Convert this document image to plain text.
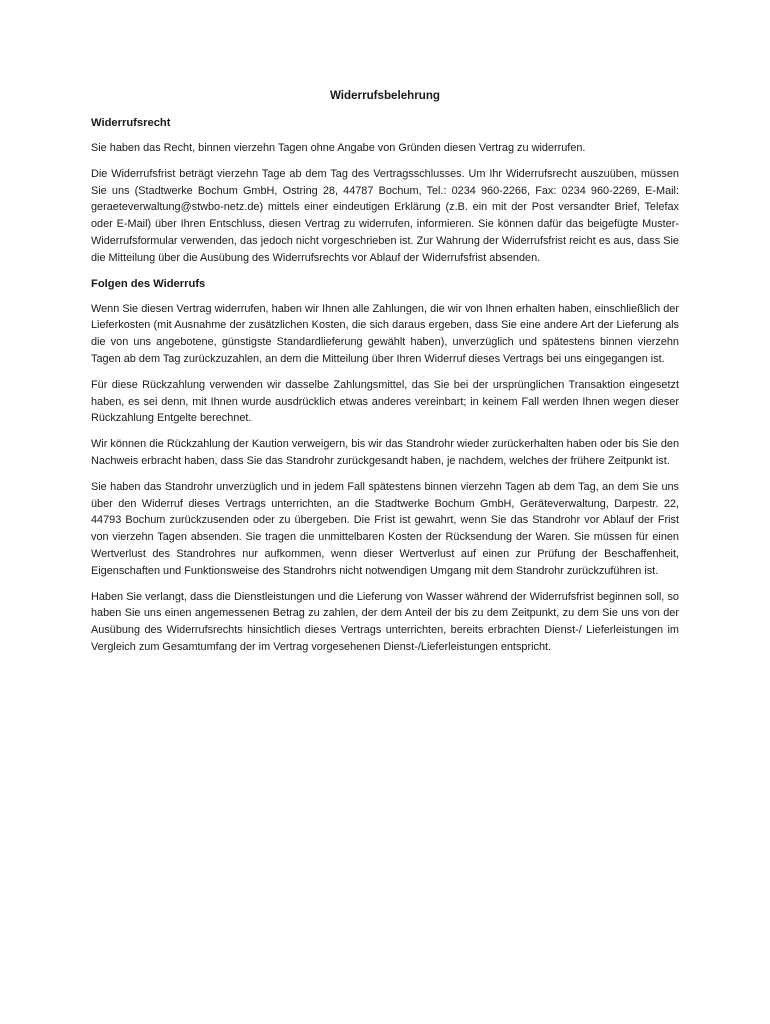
Widerrufsbelehrung
Widerrufsrecht

Sie haben das Recht, binnen vierzehn Tagen ohne Angabe von Gründen diesen Vertrag zu widerrufen.

Die Widerrufsfrist beträgt vierzehn Tage ab dem Tag des Vertragsschlusses. Um Ihr Widerrufsrecht auszuüben, müssen Sie uns (Stadtwerke Bochum GmbH, Ostring 28, 44787 Bochum, Tel.: 0234 960-2266, Fax: 0234 960-2269, E-Mail: geraeteverwaltung@stwbo-netz.de) mittels einer eindeutigen Erklärung (z.B. ein mit der Post versandter Brief, Telefax oder E-Mail) über Ihren Entschluss, diesen Vertrag zu widerrufen, informieren. Sie können dafür das beigefügte Muster-Widerrufsformular verwenden, das jedoch nicht vorgeschrieben ist. Zur Wahrung der Widerrufsfrist reicht es aus, dass Sie die Mitteilung über die Ausübung des Widerrufsrechts vor Ablauf der Widerrufsfrist absenden.

Folgen des Widerrufs

Wenn Sie diesen Vertrag widerrufen, haben wir Ihnen alle Zahlungen, die wir von Ihnen erhalten haben, einschließlich der Lieferkosten (mit Ausnahme der zusätzlichen Kosten, die sich daraus ergeben, dass Sie eine andere Art der Lieferung als die von uns angebotene, günstigste Standardlieferung gewählt haben), unverzüglich und spätestens binnen vierzehn Tagen ab dem Tag zurückzuzahlen, an dem die Mitteilung über Ihren Widerruf dieses Vertrags bei uns eingegangen ist.

Für diese Rückzahlung verwenden wir dasselbe Zahlungsmittel, das Sie bei der ursprünglichen Transaktion eingesetzt haben, es sei denn, mit Ihnen wurde ausdrücklich etwas anderes vereinbart; in keinem Fall werden Ihnen wegen dieser Rückzahlung Entgelte berechnet.

Wir können die Rückzahlung der Kaution verweigern, bis wir das Standrohr wieder zurückerhalten haben oder bis Sie den Nachweis erbracht haben, dass Sie das Standrohr zurückgesandt haben, je nachdem, welches der frühere Zeitpunkt ist.

Sie haben das Standrohr unverzüglich und in jedem Fall spätestens binnen vierzehn Tagen ab dem Tag, an dem Sie uns über den Widerruf dieses Vertrags unterrichten, an die Stadtwerke Bochum GmbH, Geräteverwaltung, Darpestr. 22, 44793 Bochum zurückzusenden oder zu übergeben. Die Frist ist gewahrt, wenn Sie das Standrohr vor Ablauf der Frist von vierzehn Tagen absenden. Sie tragen die unmittelbaren Kosten der Rücksendung der Waren. Sie müssen für einen Wertverlust des Standrohres nur aufkommen, wenn dieser Wertverlust auf einen zur Prüfung der Beschaffenheit, Eigenschaften und Funktionsweise des Standrohrs nicht notwendigen Umgang mit dem Standrohr zurückzuführen ist.

Haben Sie verlangt, dass die Dienstleistungen und die Lieferung von Wasser während der Widerrufsfrist beginnen soll, so haben Sie uns einen angemessenen Betrag zu zahlen, der dem Anteil der bis zu dem Zeitpunkt, zu dem Sie uns von der Ausübung des Widerrufsrechts hinsichtlich dieses Vertrags unterrichten, bereits erbrachten Dienst-/ Lieferleistungen im Vergleich zum Gesamtumfang der im Vertrag vorgesehenen Dienst-/Lieferleistungen entspricht.
